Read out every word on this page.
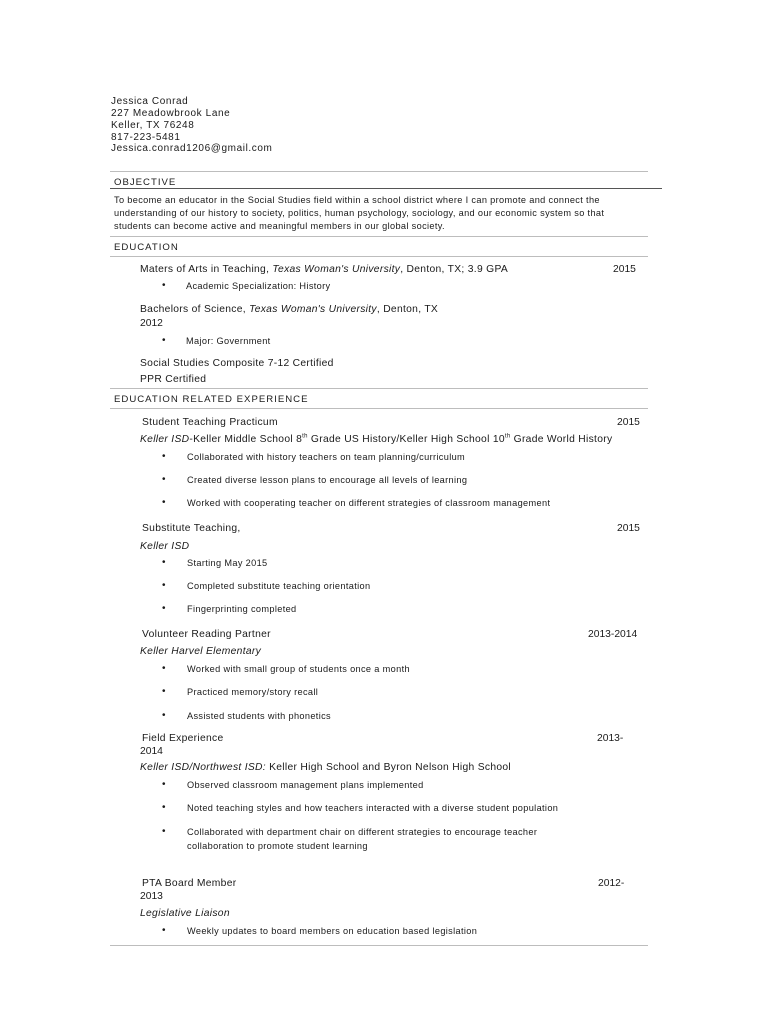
Jessica Conrad
227 Meadowbrook Lane
Keller, TX 76248
817-223-5481
Jessica.conrad1206@gmail.com
OBJECTIVE
To become an educator in the Social Studies field within a school district where I can promote and connect the understanding of our history to society, politics, human psychology, sociology, and our economic system so that students can become active and meaningful members in our global society.
EDUCATION
Maters of Arts in Teaching, Texas Woman's University, Denton, TX; 3.9 GPA	2015
• Academic Specialization: History
Bachelors of Science, Texas Woman's University, Denton, TX
2012
• Major: Government
Social Studies Composite 7-12 Certified
PPR Certified
EDUCATION RELATED EXPERIENCE
Student Teaching Practicum	2015
Keller ISD-Keller Middle School 8th Grade US History/Keller High School 10th Grade World History
• Collaborated with history teachers on team planning/curriculum
• Created diverse lesson plans to encourage all levels of learning
• Worked with cooperating teacher on different strategies of classroom management
Substitute Teaching,	2015
Keller ISD
• Starting May 2015
• Completed substitute teaching orientation
• Fingerprinting completed
Volunteer Reading Partner	2013-2014
Keller Harvel Elementary
• Worked with small group of students once a month
• Practiced memory/story recall
• Assisted students with phonetics
Field Experience	2013-
2014
Keller ISD/Northwest ISD: Keller High School and Byron Nelson High School
• Observed classroom management plans implemented
• Noted teaching styles and how teachers interacted with a diverse student population
• Collaborated with department chair on different strategies to encourage teacher
collaboration to promote student learning
PTA Board Member	2012-
2013
Legislative Liaison
• Weekly updates to board members on education based legislation
